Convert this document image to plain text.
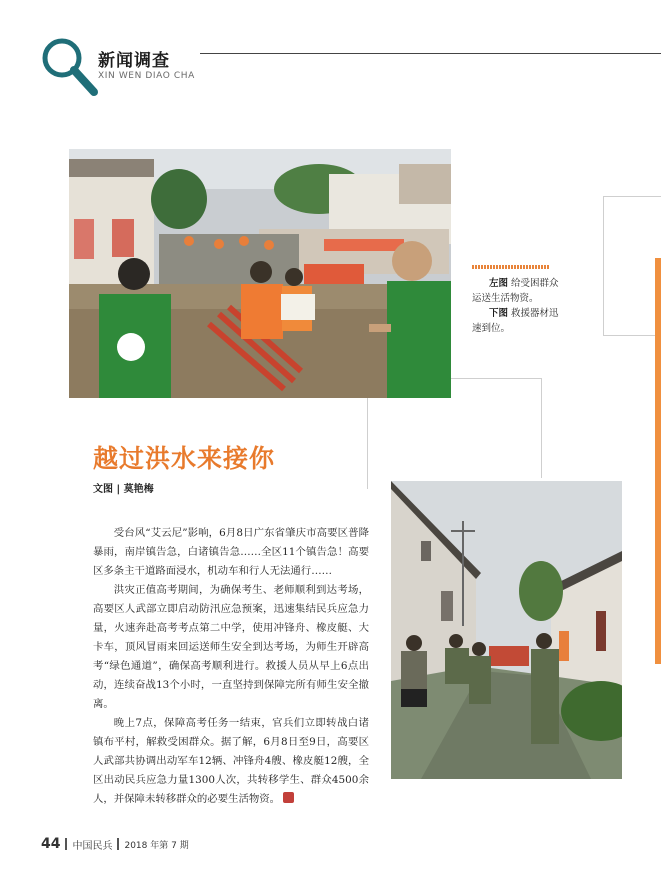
新闻调查
XIN WEN DIAO CHA

左图 给受困群众运送生活物资。

下图 救援器材迅速到位。

越过洪水来接你
文图 | 莫艳梅

受台风“艾云尼”影响，6月8日广东省肇庆市高要区普降暴雨，南岸镇告急，白诸镇告急……全区11个镇告急！高要区多条主干道路面浸水，机动车和行人无法通行……

洪灾正值高考期间，为确保考生、老师顺利到达考场，高要区人武部立即启动防汛应急预案，迅速集结民兵应急力量，火速奔赴高考考点第二中学，使用冲锋舟、橡皮艇、大卡车，顶风冒雨来回运送师生安全到达考场，为师生开辟高考“绿色通道”，确保高考顺利进行。救援人员从早上6点出动，连续奋战13个小时，一直坚持到保障完所有师生安全撤离。

晚上7点，保障高考任务一结束，官兵们立即转战白诸镇布平村，解救受困群众。据了解，6月8日至9日，高要区人武部共协调出动军车12辆、冲锋舟4艘、橡皮艇12艘，全区出动民兵应急力量1300人次，共转移学生、群众4500余人，并保障未转移群众的必要生活物资。

44 中国民兵 2018 年第 7 期
